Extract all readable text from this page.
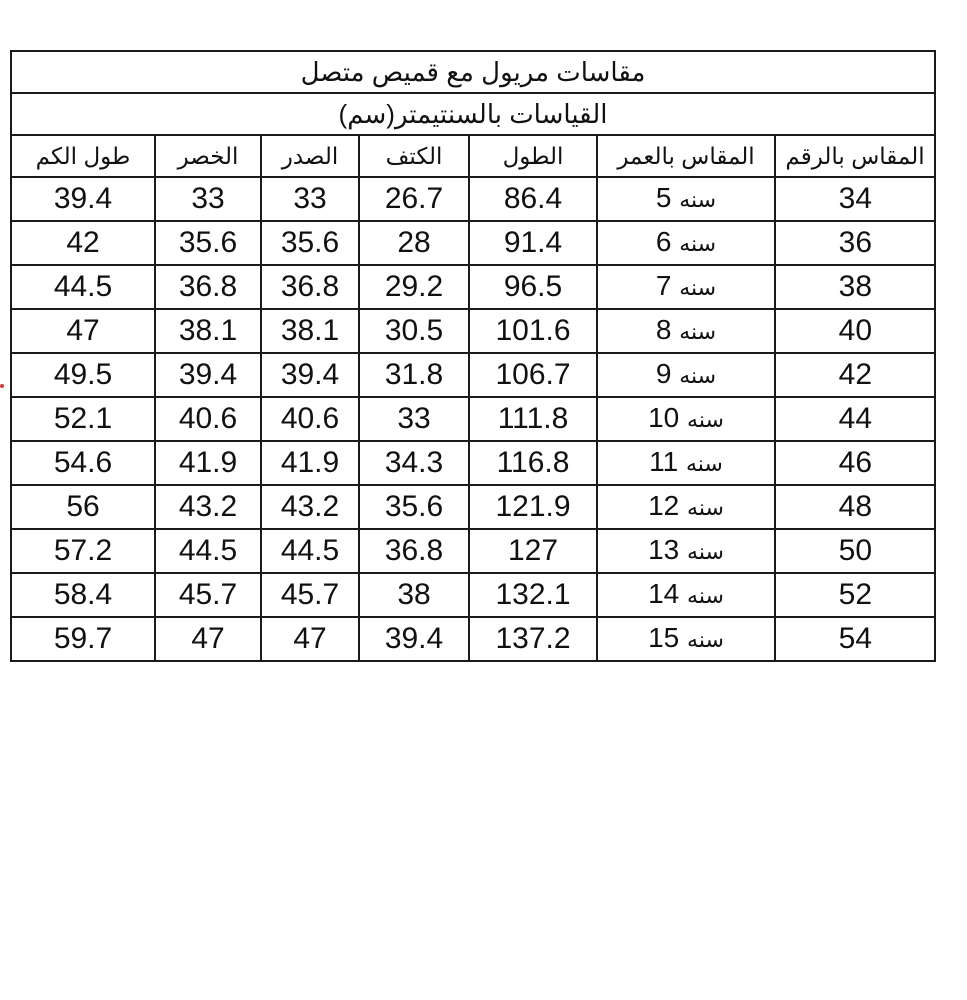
مقاسات مريول مع قميص متصل						
القياسات بالسنتيمتر(سم)						
المقاس بالرقم	المقاس بالعمر	الطول	الكتف	الصدر	الخصر	طول الكم
34	سنه 5	86.4	26.7	33	33	39.4
36	سنه 6	91.4	28	35.6	35.6	42
38	سنه 7	96.5	29.2	36.8	36.8	44.5
40	سنه 8	101.6	30.5	38.1	38.1	47
42	سنه 9	106.7	31.8	39.4	39.4	49.5
44	سنه 10	111.8	33	40.6	40.6	52.1
46	سنه 11	116.8	34.3	41.9	41.9	54.6
48	سنه 12	121.9	35.6	43.2	43.2	56
50	سنه 13	127	36.8	44.5	44.5	57.2
52	سنه 14	132.1	38	45.7	45.7	58.4
54	سنه 15	137.2	39.4	47	47	59.7
